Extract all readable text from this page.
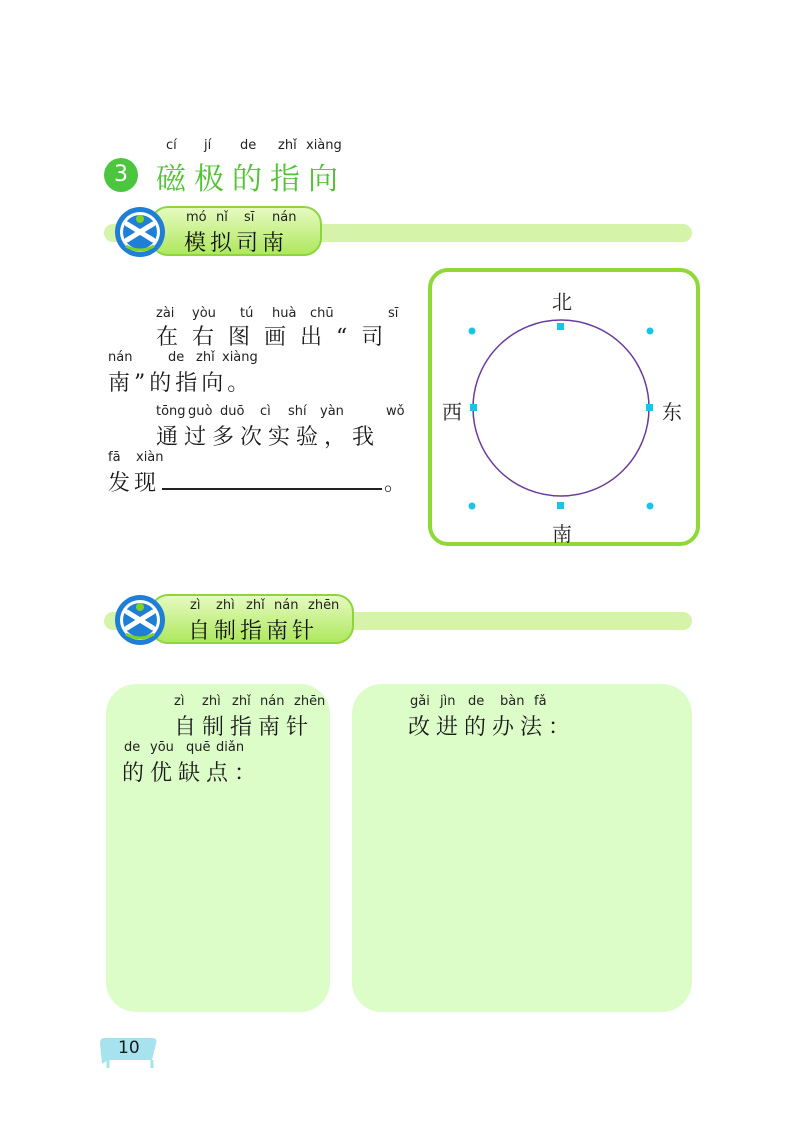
cí jí de zhǐ xiàng
3 磁极的指向
mó nǐ sī nán
模拟司南
zài yòu tú huà chū	sī
在右图画出“司
nán	de zhǐ xiàng
南”的指向。
tōng guò duō cì shí yàn	wǒ
通过多次实验，我
fā xiàn
发现	。
北
南
西	东
zì zhì zhǐ nán zhēn
自制指南针
zì zhì zhǐ nán zhēn
自制指南针
de yōu quē diǎn
的优缺点：
gǎi jìn de bàn fǎ
改进的办法：
10
